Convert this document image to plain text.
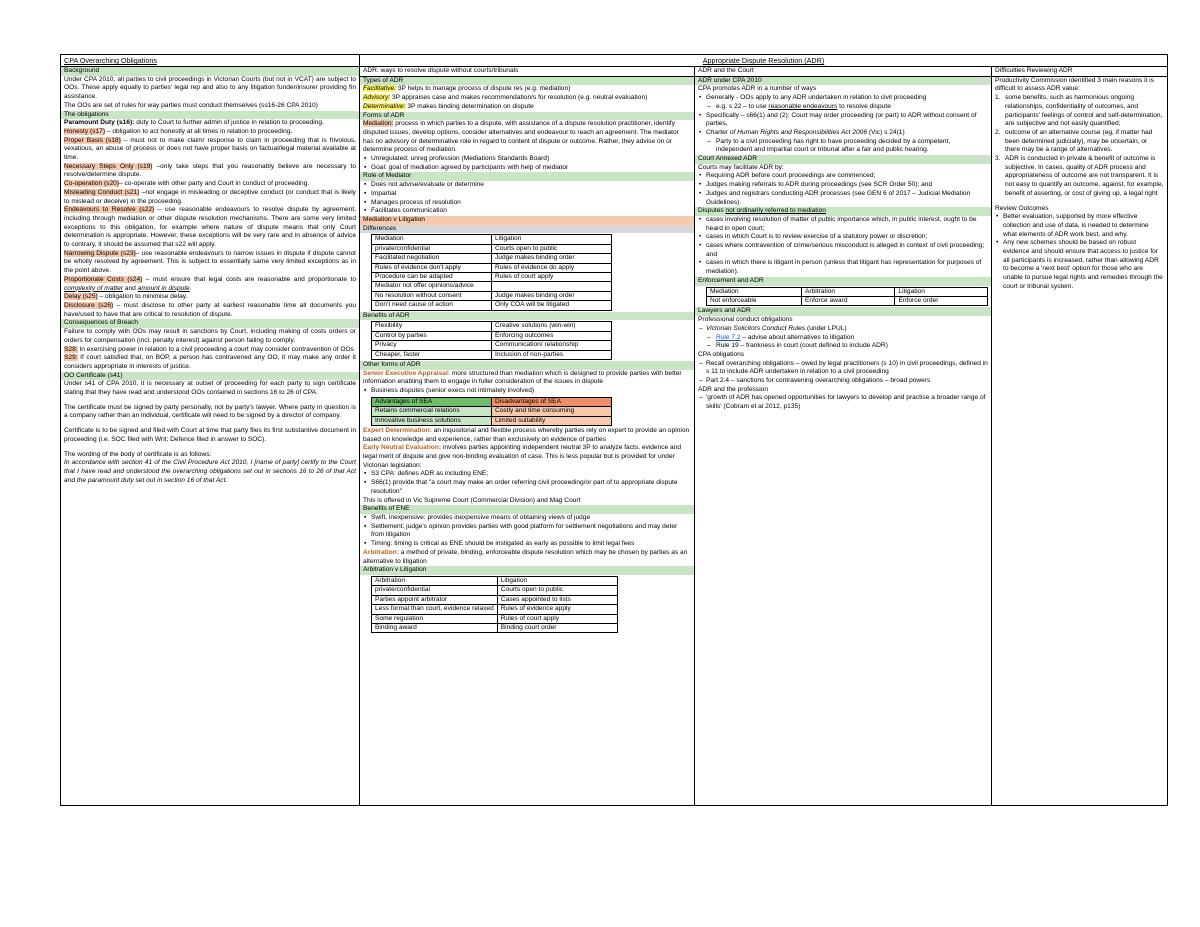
CPA Overarching Obligations	Appropriate Dispute Resolution (ADR)
Background
Under CPA 2010, all parties to civil proceedings in Victorian Courts (but not in VCAT) are subject to OOs. These apply equally to parties' legal rep and also to any litigation funder/insurer providing fin assistance.
The OOs are set of rules for way parties must conduct themselves (ss16-26 CPA 2010)
The obligations
Paramount Duty (s16): duty to Court to further admin of justice in relation to proceeding.
Honesty (s17) – obligation to act honestly at all times in relation to proceeding.
Proper Basis (s18) – must not to make claim/ response to claim in proceeding that is frivolous, vexatious, an abuse of process or does not have proper basis on factual/legal material available at time.
Necessary Steps Only (s19) –only take steps that you reasonably believe are necessary to resolve/determine dispute.
Co-operation (s20)– co-operate with other party and Court in conduct of proceeding.
Misleading Conduct (s21) –not engage in misleading or deceptive conduct (or conduct that is likely to mislead or deceive) in the proceeding.
Endeavours to Resolve (s22) – use reasonable endeavours to resolve dispute by agreement, including through mediation or other dispute resolution mechanisms. There are some very limited exceptions to this obligation, for example where nature of dispute means that only Court determination is appropriate. However, these exceptions will be very rare and in absence of advice to contrary, it should be assumed that s22 will apply.
Narrowing Dispute (s23)– use reasonable endeavours to narrow issues in dispute if dispute cannot be wholly resolved by agreement. This is subject to essentially same very limited exceptions as in the point above.
Proportionate Costs (s24) – must ensure that legal costs are reasonable and proportionate to complexity of matter and amount in dispute.
Delay (s25) – obligation to minimise delay.
Disclosure (s26) – must disclose to other party at earliest reasonable time all documents you have/used to have that are critical to resolution of dispute.
Consequences of Breach
Failure to comply with OOs may result in sanctions by Court, including making of costs orders or orders for compensation (incl. penalty interest) against person failing to comply.
S28: In exercising power in relation to a civil proceeding a court may consider contravention of OOs
S29: If court satisfied that, on BOP, a person has contravened any OO, it may make any order it considers appropriate in interests of justice.
OO Certificate (s41)
Under s41 of CPA 2010, it is necessary at outset of proceeding for each party to sign certificate stating that they have read and understood OOs contained in sections 16 to 26 of CPA.
The certificate must be signed by party personally, not by party's lawyer. Where party in question is a company rather than an individual, certificate will need to be signed by a director of company.
Certificate is to be signed and filed with Court at time that party files its first substantive document in proceeding (i.e. SOC filed with Writ; Defence filed in answer to SOC).
The wording of the body of certificate is as follows:
In accordance with section 41 of the Civil Procedure Act 2010, I [name of party] certify to the Court that I have read and understood the overarching obligations set out in sections 16 to 26 of that Act and the paramount duty set out in section 16 of that Act.
ADR: ways to resolve dispute without courts/tribunals
Types of ADR
Facilitative: 3P helps to manage process of dispute res (e.g. mediation)
Advisory: 3P appraises case and makes recommendation/s for resolution (e.g. neutral evaluation)
Determinative: 3P makes binding determination on dispute
Forms of ADR
Mediation: process in which parties to a dispute, with assistance of a dispute resolution practitioner, identify disputed issues, develop options, consider alternatives and endeavour to reach an agreement. The mediator has no advisory or determinative role in regard to content of dispute or outcome. Rather, they advise on or determine process of mediation.
▪ Unregulated: unreg profession (Mediations Standards Board)
▪ Goal: goal of mediation agreed by participants with help of mediator
Role of Mediator
▪ Does not advise/evaluate or determine
▪ Impartial
▪ Manages process of resolution
▪ Facilitates communication
Mediation v Litigation
Differences
Mediation	Litigation
private/confidential	Courts open to public
Facilitated negotiation	Judge makes binding order
Rules of evidence don't apply	Rules of evidence do apply
Procedure can be adapted	Rules of court apply
Mediator not offer opinions/advice	
No resolution without consent	Judge makes binding order
Don't need cause of action	Only COA will be litigated
Benefits of ADR
Flexibility	Creative solutions (win-win)
Control by parties	Enforcing outcomes
Privacy	Communication/ relationship
Cheaper, faster	Inclusion of non-parties
Other forms of ADR
Senior Executive Appraisal: more structured than mediation which is designed to provide parties with better information enabling them to engage in fuller consideration of the issues in dispute
▪ Business disputes (senior execs not intimately involved)
Advantages of SEA	Disadvantages of SEA
Retains commercial relations	Costly and time consuming
Innovative business solutions	Limited suitability
Expert Determination: an inquisitorial and flexible process whereby parties rely on expert to provide an opinion based on knowledge and experience, rather than exclusively on evidence of parties
Early Neutral Evaluation: involves parties appointing independent neutral 3P to analyze facts, evidence and legal merit of dispute and give non-binding evaluation of case. This is less popular but is provided for under Victorian legislation:
▪ S3 CPA: defines ADR as including ENE;
▪ S66(1) provide that "a court may make an order referring civil proceeding/or part of to appropriate dispute resolution"
This is offered in Vic Supreme Court (Commercial Division) and Mag Court
Benefits of ENE
▪ Swift, inexpensive: provides inexpensive means of obtaining views of judge
▪ Settlement: judge's opinion provides parties with good platform for settlement negotiations and may deter from litigation
▪ Timing: timing is critical as ENE should be instigated as early as possible to limit legal fees
Arbitration: a method of private, binding, enforceable dispute resolution which may be chosen by parties as an alternative to litigation
Arbitration v Litigation
Arbitration	Litigation
private/confidential	Courts open to public
Parties appoint arbitrator	Cases appointed to lists
Less formal than court, evidence relaxed	Rules of evidence apply
Some regulation	Rules of court apply
Binding award	Binding court order
ADR and the Court
ADR under CPA 2010
CPA promotes ADR in a number of ways
• Generally - OOs apply to any ADR undertaken in relation to civil proceeding
– e.g. s 22 – to use reasonable endeavours to resolve dispute
• Specifically – s66(1) and (2): Court may order proceeding (or part) to ADR without consent of parties,
• Charter of Human Rights and Responsibilities Act 2006 (Vic) s 24(1)
– Party to a civil proceeding has right to have proceeding decided by a competent, independent and impartial court or tribunal after a fair and public hearing.
Court Annexed ADR
Courts may facilitate ADR by:
• Requiring ADR before court proceedings are commenced;
• Judges making referrals to ADR during proceedings (see SCR Order 50); and
• Judges and registrars conducting ADR processes (see GEN 6 of 2017 – Judicial Mediation Guidelines).
Disputes not ordinarily referred to mediation
• cases involving resolution of matter of public importance which, in public interest, ought to be heard in open court;
• cases in which Court is to review exercise of a statutory power or discretion;
• cases where contravention of crime/serious misconduct is alleged in context of civil proceeding; and
• cases in which there is litigant in person (unless that litigant has representation for purposes of mediation).
Enforcement and ADR
Mediation	Arbitration	Litigation
Not enforceable	Enforce award	Enforce order
Lawyers and ADR
Professional conduct obligations
– Victorian Solicitors Conduct Rules (under LPUL)
– Rule 7.2 – advise about alternatives to litigation
– Rule 19 – frankness in court (court defined to include ADR)
CPA obligations
– Recall overarching obligations – owed by legal practitioners (s 10) in civil proceedings, defined in s 11 to include ADR undertaken in relation to a civil proceeding
– Part 2.4 – sanctions for contravening overarching obligations – broad powers
ADR and the profession
– 'growth of ADR has opened opportunities for lawyers to develop and practise a broader range of skills' (Cobram et al 2012, p135)
Difficulties Reviewing ADR
Productivity Commission identified 3 main reasons it is difficult to assess ADR value:
1. some benefits, such as harmonious ongoing relationships, confidentiality of outcomes, and participants' feelings of control and self-determination, are subjective and not easily quantified;
2. outcome of an alternative course (eg, if matter had been determined judicially), may be uncertain, or there may be a range of alternatives.
3. ADR is conducted in private & benefit of outcome is subjective. In cases, quality of ADR process and appropriateness of outcome are not transparent. It is not easy to quantify an outcome, against, for example, benefit of asserting, or cost of giving up, a legal right
Review Outcomes
• Better evaluation, supported by more effective collection and use of data, is needed to determine what elements of ADR work best, and why.
• Any new schemes should be based on robust evidence and should ensure that access to justice for all participants is increased, rather than allowing ADR to become a 'next best' option for those who are unable to pursue legal rights and remedies through the court or tribunal system.
